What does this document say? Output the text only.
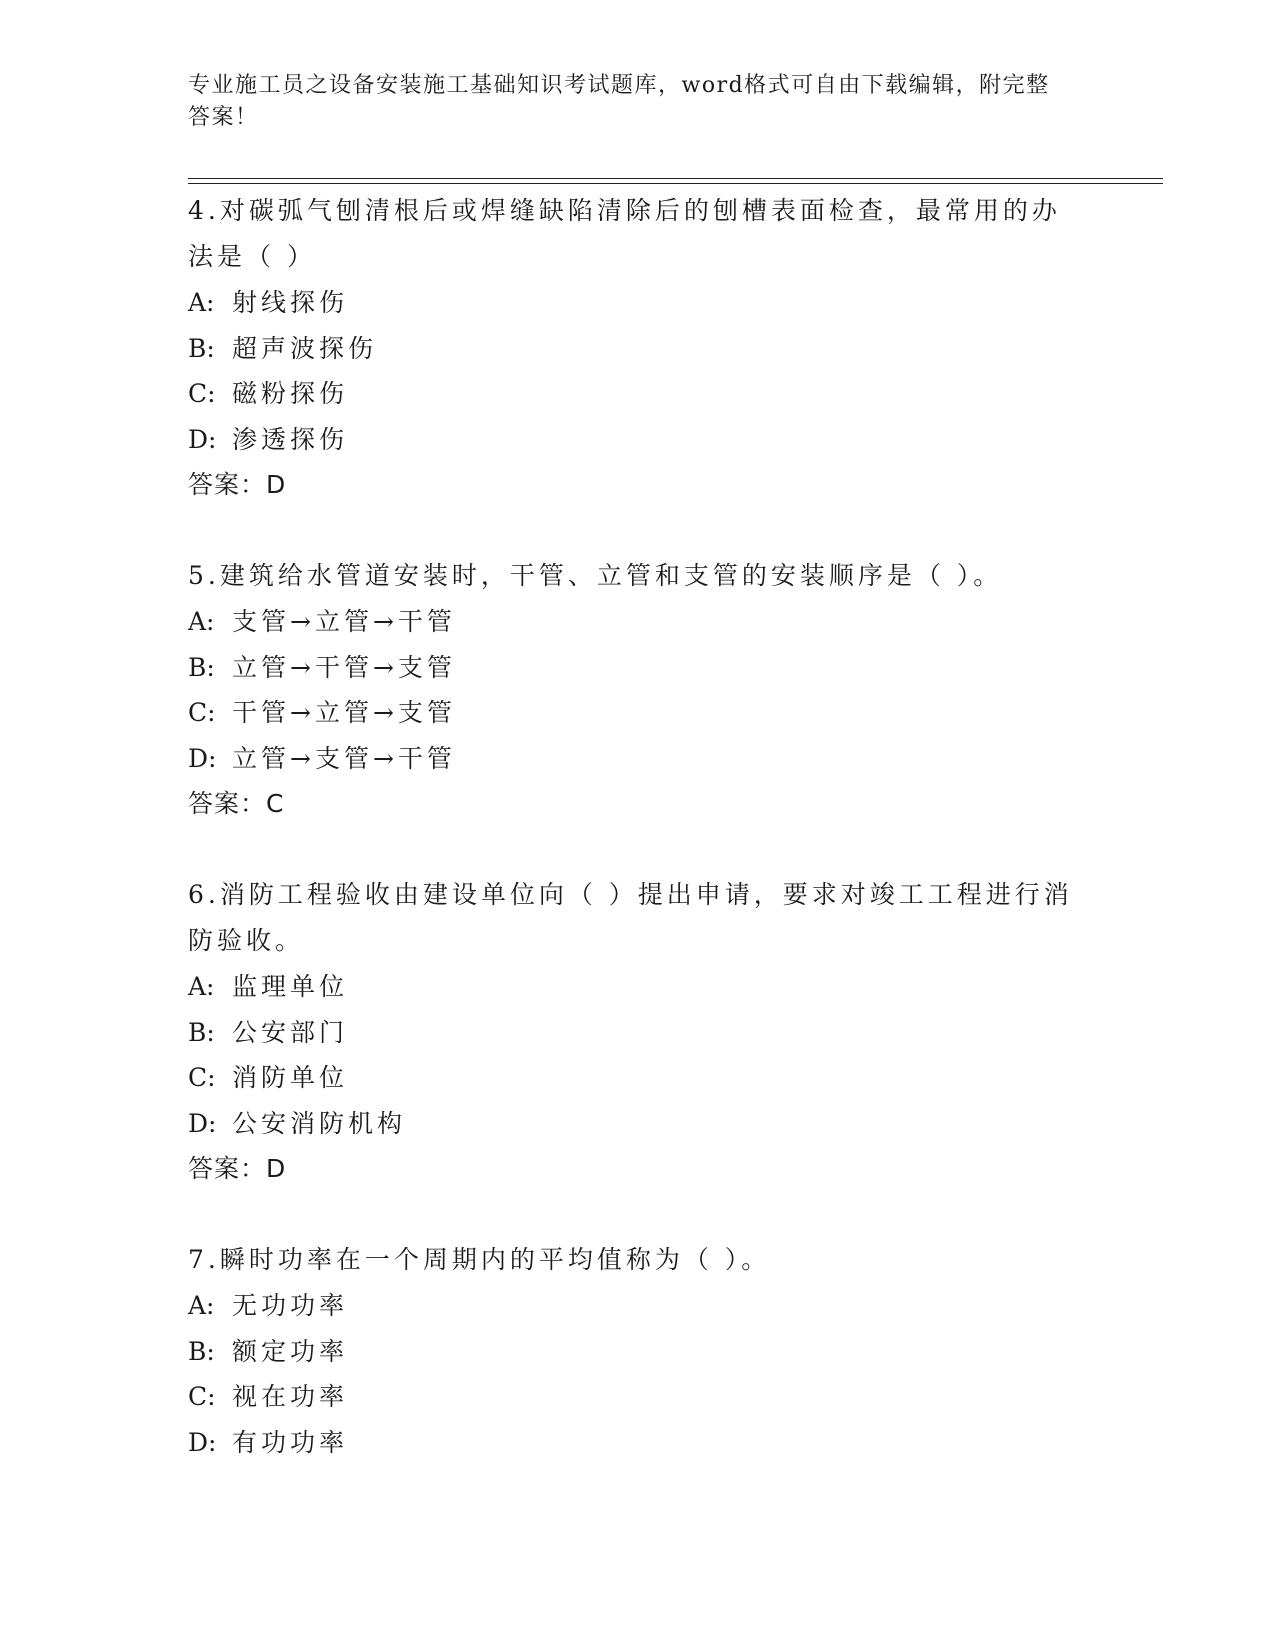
专业施工员之设备安装施工基础知识考试题库，word格式可自由下载编辑，附完整答案！

4.对碳弧气刨清根后或焊缝缺陷清除后的刨槽表面检查，最常用的办法是（ ）

A: 射线探伤

B: 超声波探伤

C: 磁粉探伤

D: 渗透探伤

答案：D

5.建筑给水管道安装时，干管、立管和支管的安装顺序是（ ）。

A: 支管→立管→干管

B: 立管→干管→支管

C: 干管→立管→支管

D: 立管→支管→干管

答案：C

6.消防工程验收由建设单位向（ ）提出申请，要求对竣工工程进行消防验收。

A: 监理单位

B: 公安部门

C: 消防单位

D: 公安消防机构

答案：D

7.瞬时功率在一个周期内的平均值称为（ ）。

A: 无功功率

B: 额定功率

C: 视在功率

D: 有功功率
